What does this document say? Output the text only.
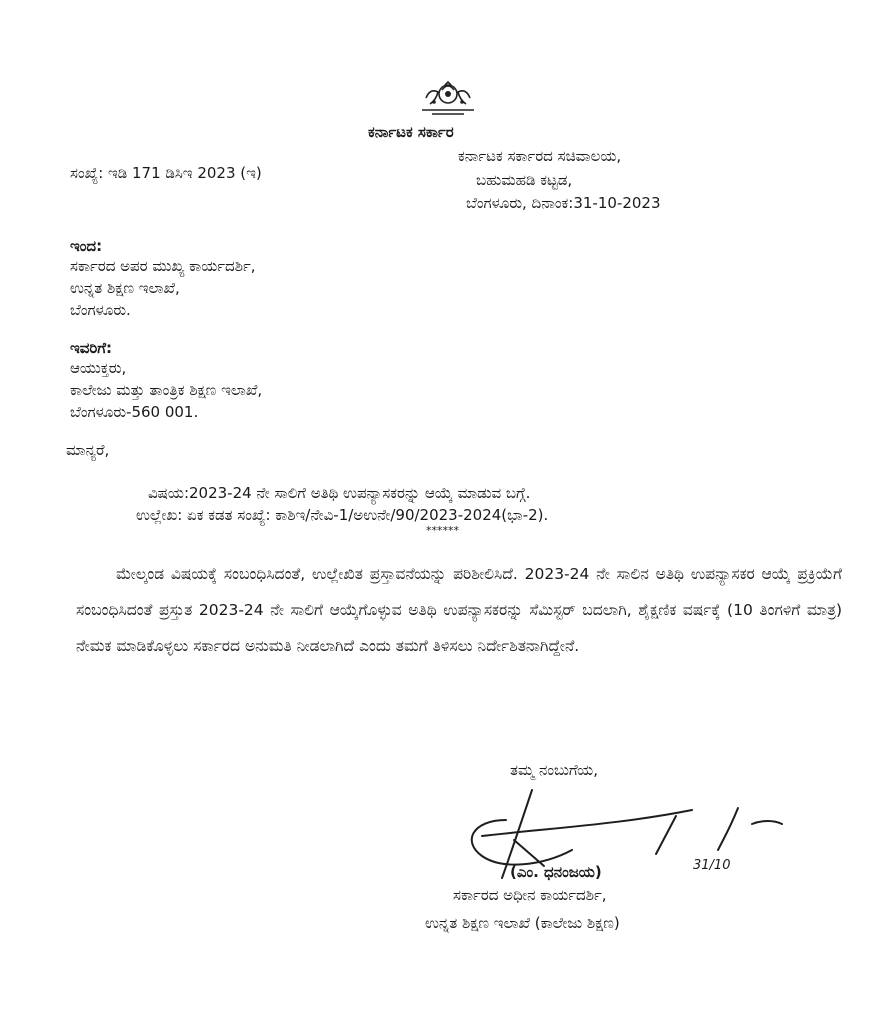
ಕರ್ನಾಟಕ ಸರ್ಕಾರ
ಸಂಖ್ಯೆ: ಇಡಿ 171 ಡಿಸಿಇ 2023 (ಇ)
ಕರ್ನಾಟಕ ಸರ್ಕಾರದ ಸಚಿವಾಲಯ,
ಬಹುಮಹಡಿ ಕಟ್ಟಡ,
ಬೆಂಗಳೂರು, ದಿನಾಂಕ:31-10-2023
ಇಂದ:
ಸರ್ಕಾರದ ಅಪರ ಮುಖ್ಯ ಕಾರ್ಯದರ್ಶಿ,
ಉನ್ನತ ಶಿಕ್ಷಣ ಇಲಾಖೆ,
ಬೆಂಗಳೂರು.
ಇವರಿಗೆ:
ಆಯುಕ್ತರು,
ಕಾಲೇಜು ಮತ್ತು ತಾಂತ್ರಿಕ ಶಿಕ್ಷಣ ಇಲಾಖೆ,
ಬೆಂಗಳೂರು-560 001.
ಮಾನ್ಯರೆ,
ವಿಷಯ:2023-24 ನೇ ಸಾಲಿಗೆ ಅತಿಥಿ ಉಪನ್ಯಾಸಕರನ್ನು ಆಯ್ಕೆ ಮಾಡುವ ಬಗ್ಗೆ.
ಉಲ್ಲೇಖ: ಏಕ ಕಡತ ಸಂಖ್ಯೆ: ಕಾಶಿಇ/ನೇವಿ-1/ಅಉನೇ/90/2023-2024(ಭಾ-2).
******
ಮೇಲ್ಕಂಡ ವಿಷಯಕ್ಕೆ ಸಂಬಂಧಿಸಿದಂತೆ, ಉಲ್ಲೇಖಿತ ಪ್ರಸ್ತಾವನೆಯನ್ನು ಪರಿಶೀಲಿಸಿದೆ. 2023-24 ನೇ ಸಾಲಿನ ಅತಿಥಿ ಉಪನ್ಯಾಸಕರ ಆಯ್ಕೆ ಪ್ರಕ್ರಿಯೆಗೆ ಸಂಬಂಧಿಸಿದಂತೆ ಪ್ರಸ್ತುತ 2023-24 ನೇ ಸಾಲಿಗೆ ಆಯ್ಕೆಗೊಳ್ಳುವ ಅತಿಥಿ ಉಪನ್ಯಾಸಕರನ್ನು ಸೆಮಿಸ್ಟರ್ ಬದಲಾಗಿ, ಶೈಕ್ಷಣಿಕ ವರ್ಷಕ್ಕೆ (10 ತಿಂಗಳಿಗೆ ಮಾತ್ರ) ನೇಮಕ ಮಾಡಿಕೊಳ್ಳಲು ಸರ್ಕಾರದ ಅನುಮತಿ ನೀಡಲಾಗಿದೆ ಎಂದು ತಮಗೆ ತಿಳಿಸಲು ನಿರ್ದೇಶಿತನಾಗಿದ್ದೇನೆ.
ತಮ್ಮ ನಂಬುಗೆಯ,
(ಎಂ. ಧನಂಜಯ)	31/10
ಸರ್ಕಾರದ ಅಧೀನ ಕಾರ್ಯದರ್ಶಿ,
ಉನ್ನತ ಶಿಕ್ಷಣ ಇಲಾಖೆ (ಕಾಲೇಜು ಶಿಕ್ಷಣ)
